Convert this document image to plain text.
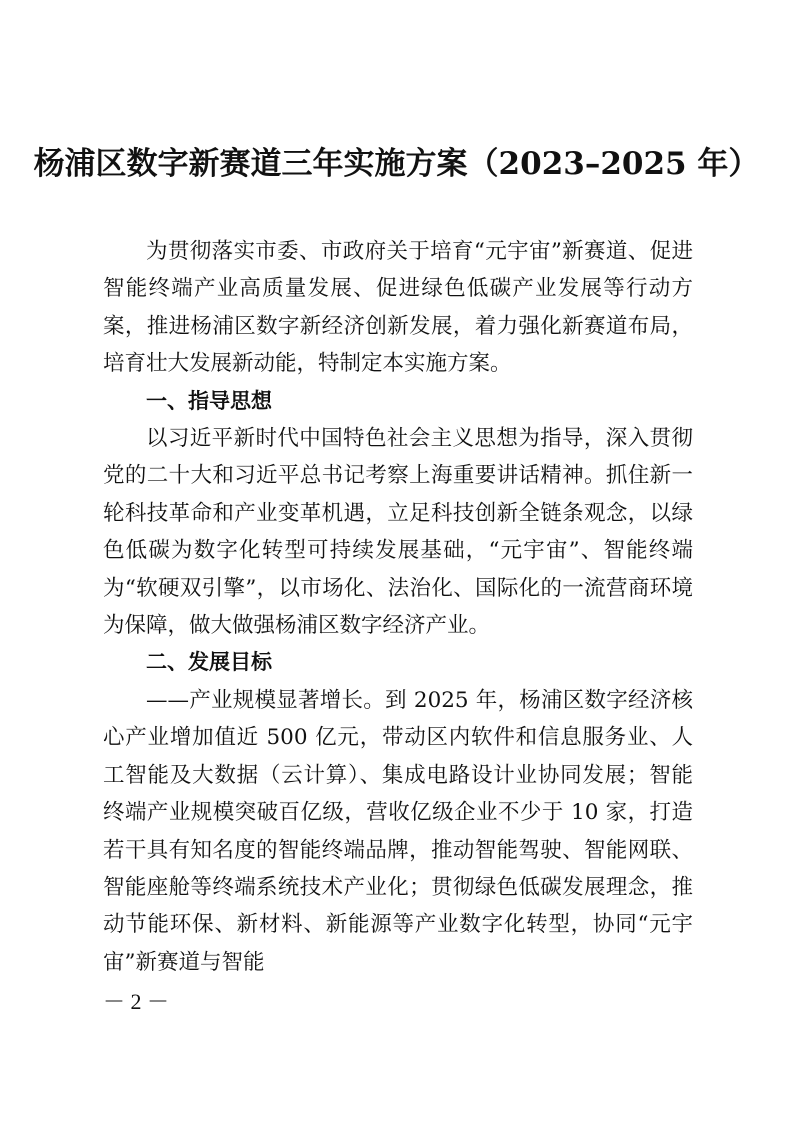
杨浦区数字新赛道三年实施方案（2023–2025 年）

为贯彻落实市委、市政府关于培育“元宇宙”新赛道、促进智能终端产业高质量发展、促进绿色低碳产业发展等行动方案，推进杨浦区数字新经济创新发展，着力强化新赛道布局，培育壮大发展新动能，特制定本实施方案。

一、指导思想

以习近平新时代中国特色社会主义思想为指导，深入贯彻党的二十大和习近平总书记考察上海重要讲话精神。抓住新一轮科技革命和产业变革机遇，立足科技创新全链条观念，以绿色低碳为数字化转型可持续发展基础，“元宇宙”、智能终端为“软硬双引擎”，以市场化、法治化、国际化的一流营商环境为保障，做大做强杨浦区数字经济产业。

二、发展目标

——产业规模显著增长。到 2025 年，杨浦区数字经济核心产业增加值近 500 亿元，带动区内软件和信息服务业、人工智能及大数据（云计算）、集成电路设计业协同发展；智能终端产业规模突破百亿级，营收亿级企业不少于 10 家，打造若干具有知名度的智能终端品牌，推动智能驾驶、智能网联、智能座舱等终端系统技术产业化；贯彻绿色低碳发展理念，推动节能环保、新材料、新能源等产业数字化转型，协同“元宇宙”新赛道与智能

－ 2 －
